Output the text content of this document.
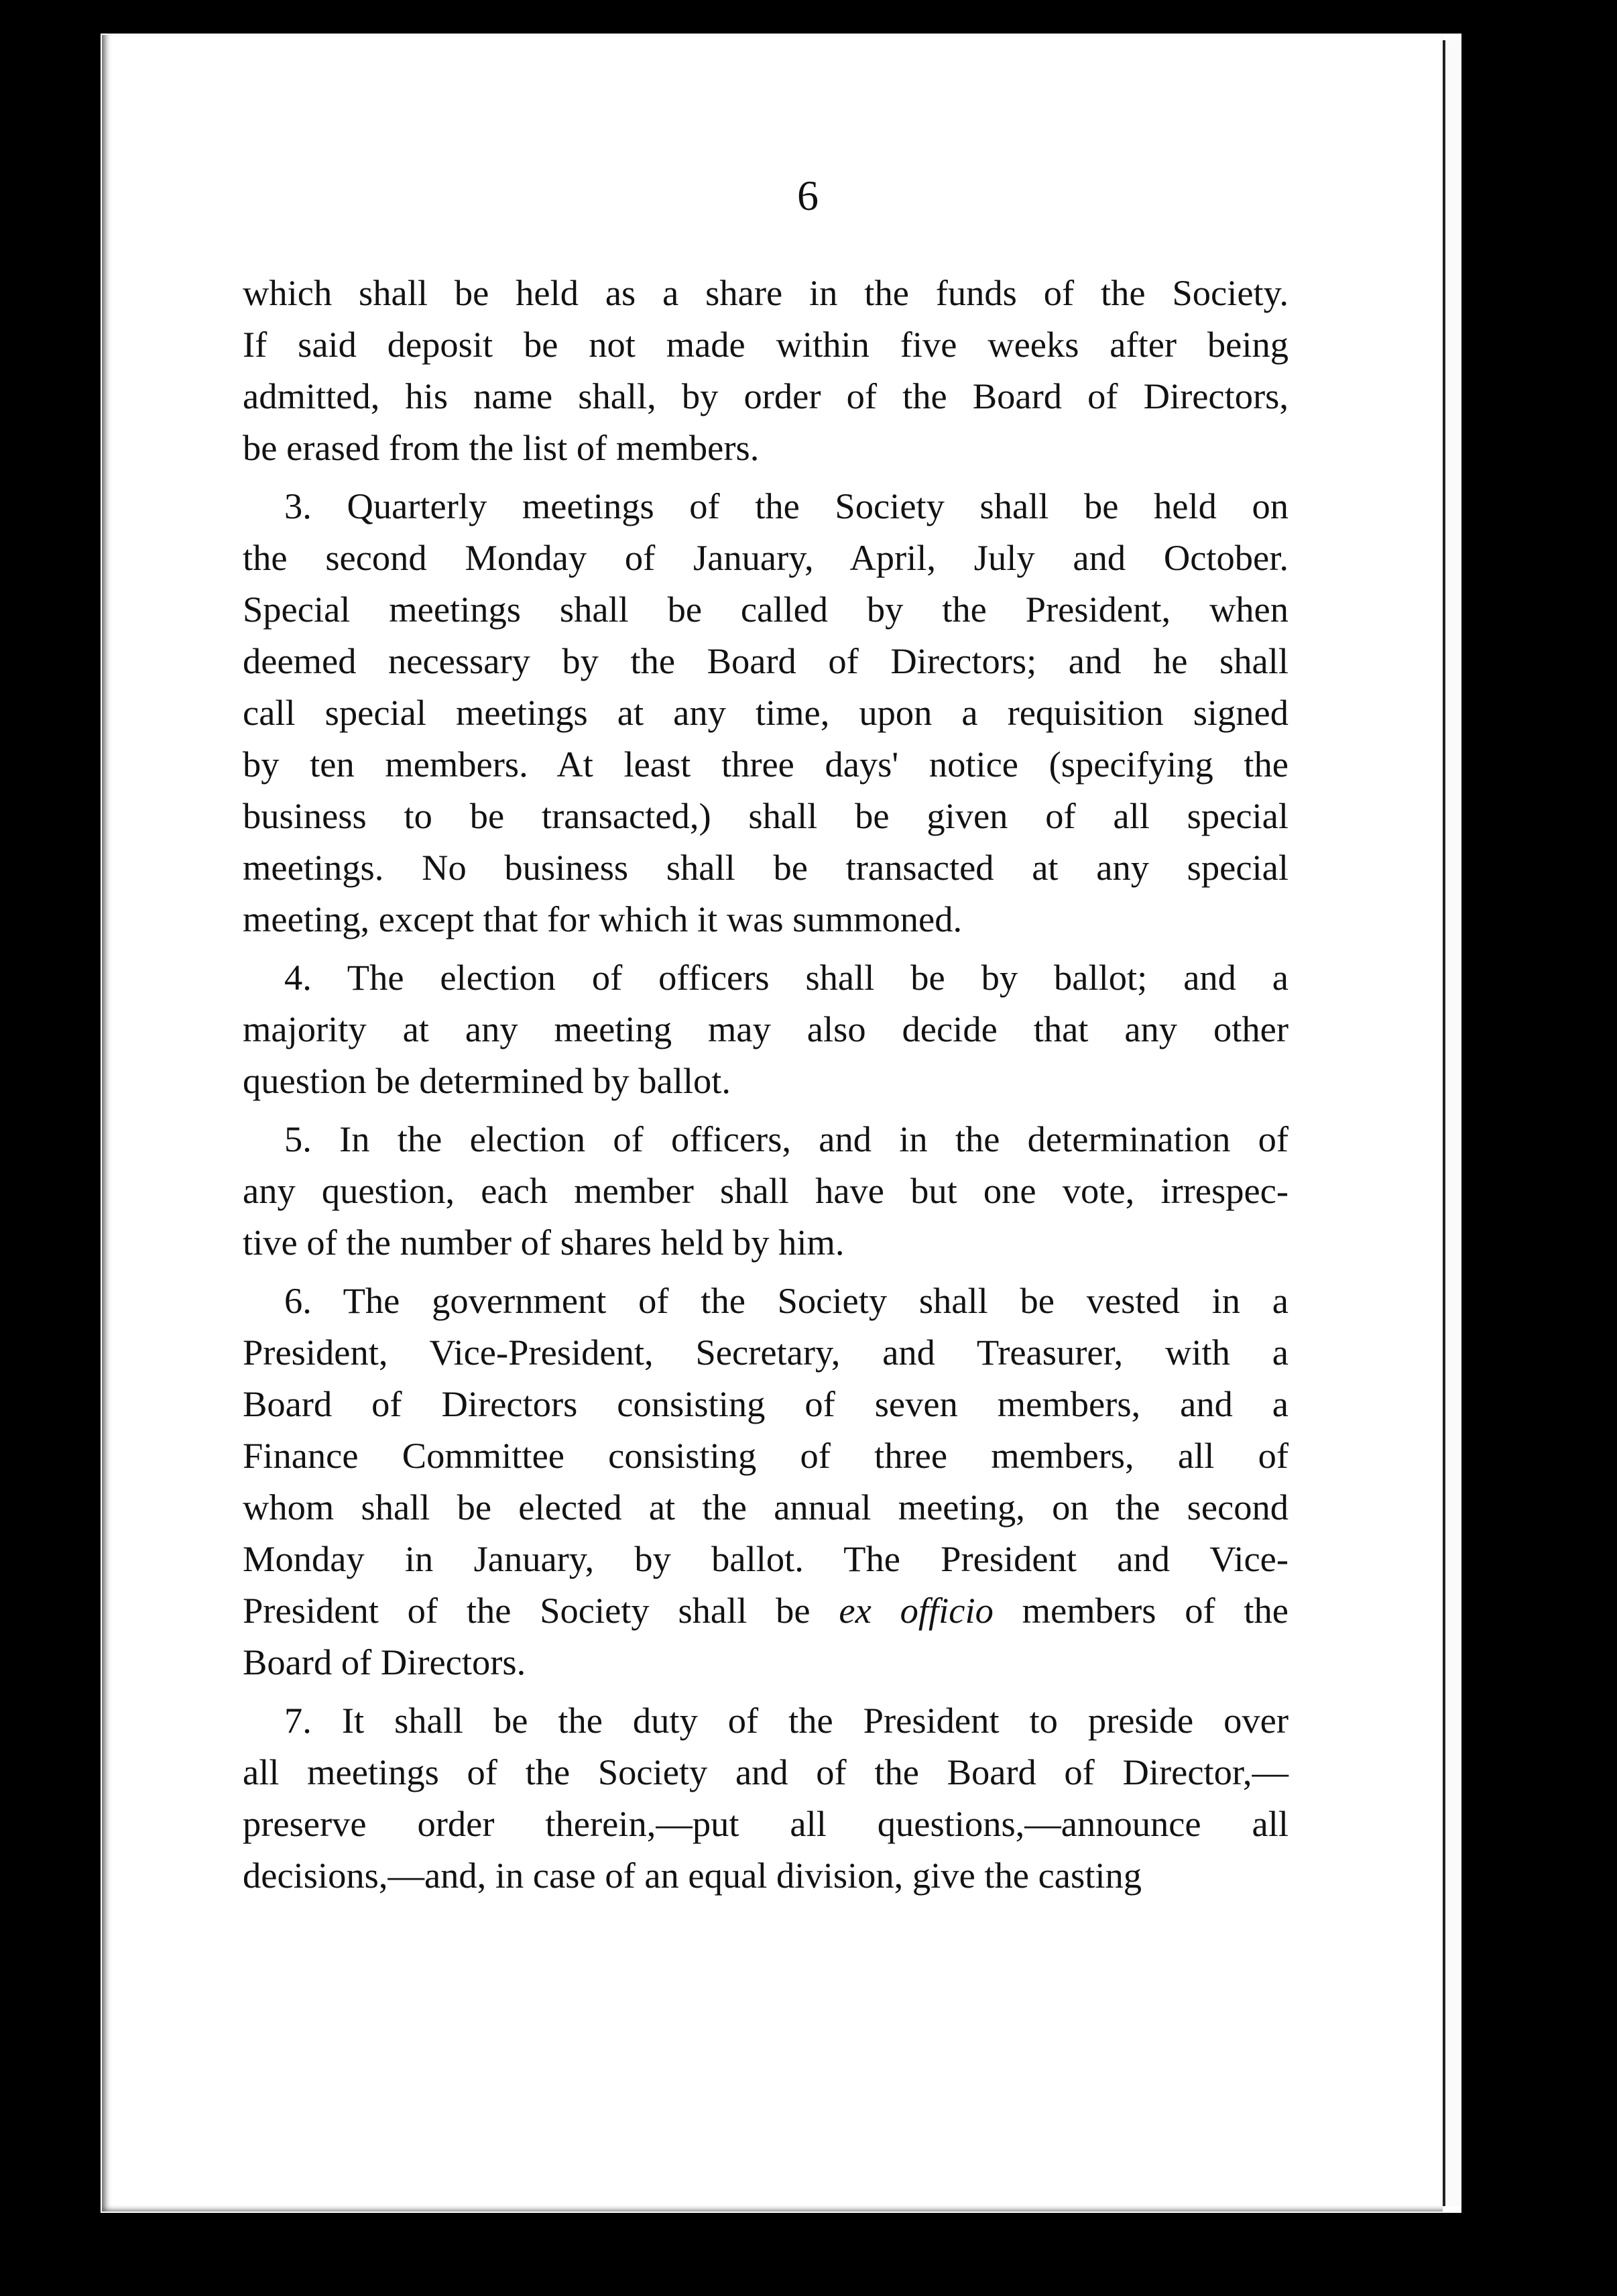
6
which shall be held as a share in the funds of the Society.
If said deposit be not made within five weeks after being
admitted, his name shall, by order of the Board of Directors,
be erased from the list of members.
3. Quarterly meetings of the Society shall be held on
the second Monday of January, April, July and October.
Special meetings shall be called by the President, when
deemed necessary by the Board of Directors; and he shall
call special meetings at any time, upon a requisition signed
by ten members. At least three days' notice (specifying the
business to be transacted,) shall be given of all special
meetings. No business shall be transacted at any special
meeting, except that for which it was summoned.
4. The election of officers shall be by ballot; and a
majority at any meeting may also decide that any other
question be determined by ballot.
5. In the election of officers, and in the determination of
any question, each member shall have but one vote, irrespec-
tive of the number of shares held by him.
6. The government of the Society shall be vested in a
President, Vice-President, Secretary, and Treasurer, with a
Board of Directors consisting of seven members, and a
Finance Committee consisting of three members, all of
whom shall be elected at the annual meeting, on the second
Monday in January, by ballot. The President and Vice-
President of the Society shall be ex officio members of the
Board of Directors.
7. It shall be the duty of the President to preside over
all meetings of the Society and of the Board of Director,—
preserve order therein,—put all questions,—announce all
decisions,—and, in case of an equal division, give the casting
